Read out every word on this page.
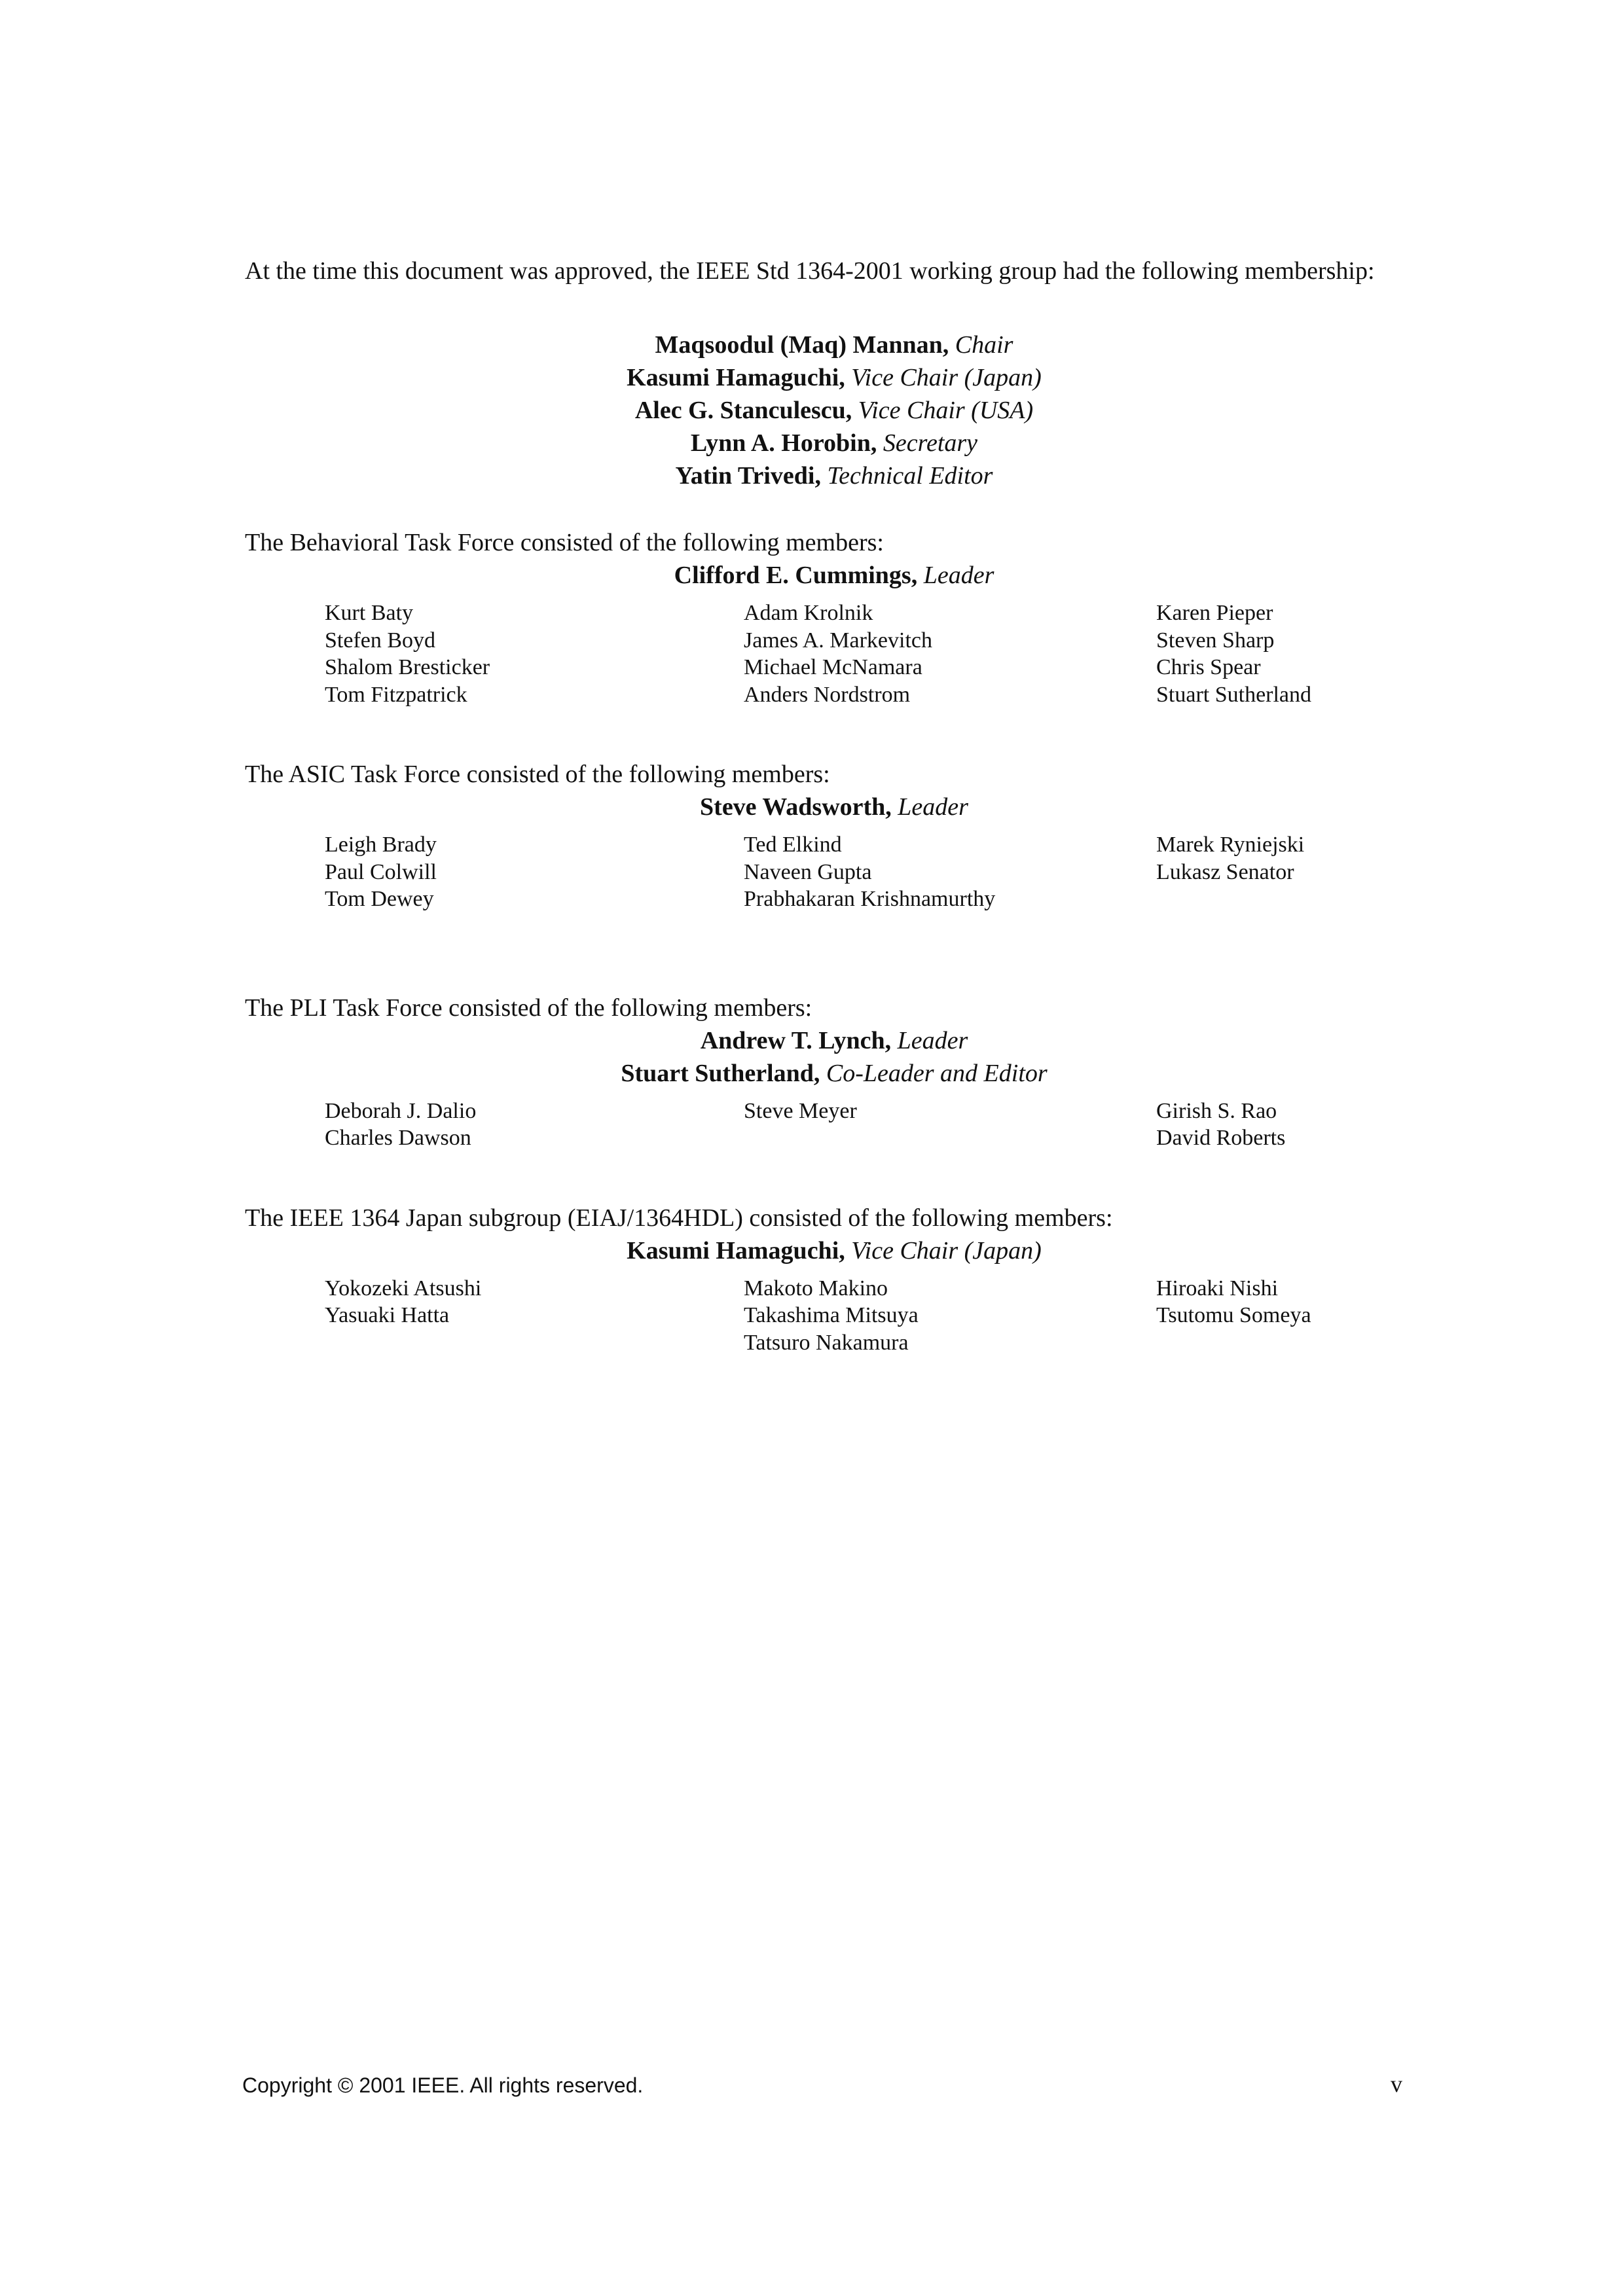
At the time this document was approved, the IEEE Std 1364-2001 working group had the following membership:

Maqsoodul (Maq) Mannan, Chair
Kasumi Hamaguchi, Vice Chair (Japan)
Alec G. Stanculescu, Vice Chair (USA)
Lynn A. Horobin, Secretary
Yatin Trivedi, Technical Editor

The Behavioral Task Force consisted of the following members:

Clifford E. Cummings, Leader
Kurt Baty
Stefen Boyd
Shalom Bresticker
Tom Fitzpatrick
Adam Krolnik
James A. Markevitch
Michael McNamara
Anders Nordstrom
Karen Pieper
Steven Sharp
Chris Spear
Stuart Sutherland

The ASIC Task Force consisted of the following members:

Steve Wadsworth, Leader
Leigh Brady
Paul Colwill
Tom Dewey
Ted Elkind
Naveen Gupta
Prabhakaran Krishnamurthy
Marek Ryniejski
Lukasz Senator

The PLI Task Force consisted of the following members:

Andrew T. Lynch, Leader
Stuart Sutherland, Co-Leader and Editor
Deborah J. Dalio
Charles Dawson
Steve Meyer	Girish S. Rao
David Roberts

The IEEE 1364 Japan subgroup (EIAJ/1364HDL) consisted of the following members:

Kasumi Hamaguchi, Vice Chair (Japan)
Yokozeki Atsushi
Yasuaki Hatta
Makoto Makino
Takashima Mitsuya
Tatsuro Nakamura
Hiroaki Nishi
Tsutomu Someya
Copyright © 2001 IEEE. All rights reserved.	v
